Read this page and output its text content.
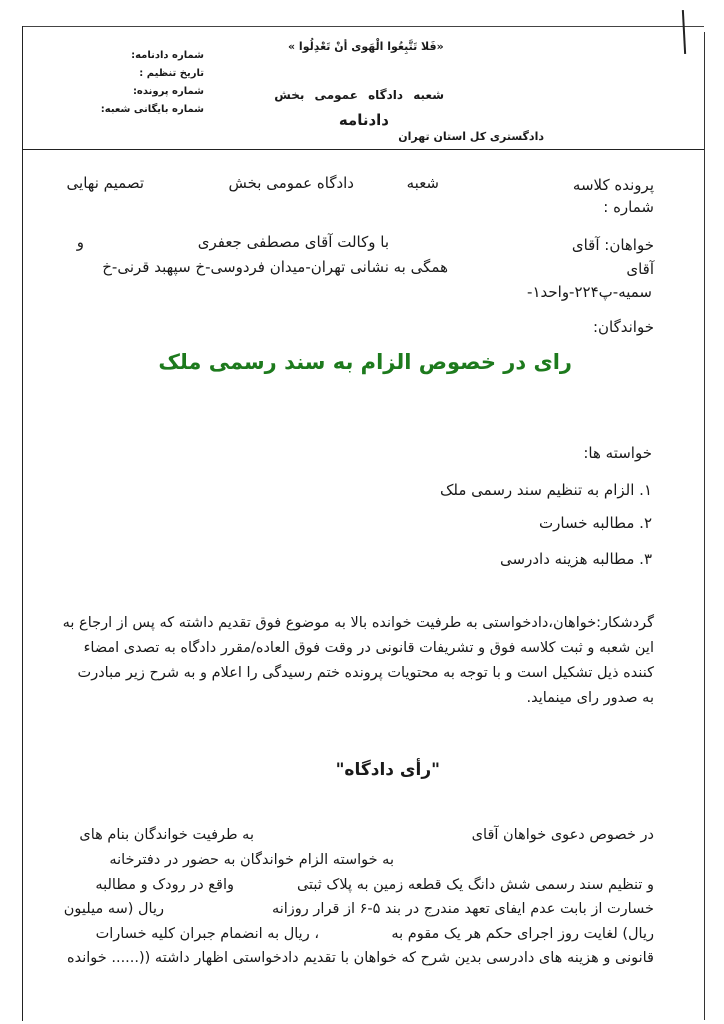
«فَلا تَتَّبِعُوا الْهَوی أنْ تَعْدِلُوا »
شماره دادنامه:
تاریخ تنظیم :
شماره پرونده:
شماره بایگانی شعبه:
شعبه دادگاه عمومی بخش
دادنامه
دادگستری کل استان تهران
پرونده کلاسه
شعبه
دادگاه عمومی بخش
تصمیم نهایی
شماره :
خواهان: آقای
با وکالت آقای مصطفی جعفری
و
آقای
همگی به نشانی تهران-میدان فردوسی-خ سپهبد قرنی-خ
سمیه-پ۲۲۴-واحد۱-
خواندگان:
رای در خصوص الزام به سند رسمی ملک
خواسته ها:
۱. الزام به تنظیم سند رسمی ملک
۲. مطالبه خسارت
۳. مطالبه هزینه دادرسی
گردشکار:خواهان،دادخواستی به طرفیت خوانده بالا به موضوع فوق تقدیم داشته که پس از ارجاع به
این شعبه و ثبت کلاسه فوق و تشریفات قانونی در وقت فوق العاده/مقرر دادگاه به تصدی امضاء
کننده ذیل تشکیل است و با توجه به محتویات پرونده ختم رسیدگی را اعلام و به شرح زیر مبادرت
به صدور رای مینماید.
"رأی دادگاه"
در خصوص دعوی خواهان آقای
به طرفیت خواندگان بنام های
به خواسته الزام خواندگان به حضور در دفترخانه
و تنظیم سند رسمی شش دانگ یک قطعه زمین به پلاک ثبتی
واقع در رودک و مطالبه
خسارت از بابت عدم ایفای تعهد مندرج در بند ۵-۶ از قرار روزانه
ریال (سه میلیون
ریال) لغایت روز اجرای حکم هر یک مقوم به
، ریال به انضمام جبران کلیه خسارات
قانونی و هزینه های دادرسی بدین شرح که خواهان با تقدیم دادخواستی اظهار داشته ((...... خوانده
